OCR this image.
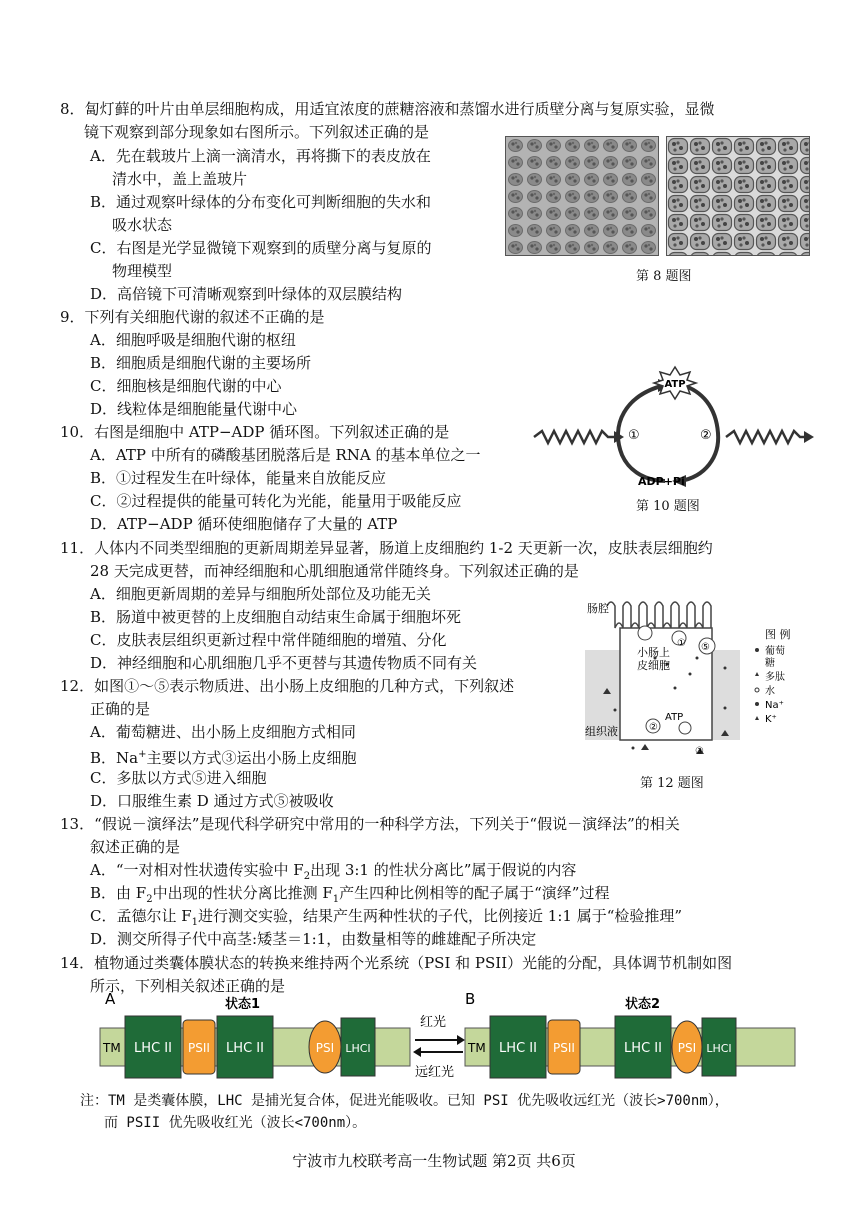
8．匐灯藓的叶片由单层细胞构成，用适宜浓度的蔗糖溶液和蒸馏水进行质壁分离与复原实验，显微
镜下观察到部分现象如右图所示。下列叙述正确的是
A．先在载玻片上滴一滴清水，再将撕下的表皮放在
清水中，盖上盖玻片
B．通过观察叶绿体的分布变化可判断细胞的失水和
吸水状态
C．右图是光学显微镜下观察到的质壁分离与复原的
物理模型
D．高倍镜下可清晰观察到叶绿体的双层膜结构
第 8 题图
9．下列有关细胞代谢的叙述不正确的是
A．细胞呼吸是细胞代谢的枢纽
B．细胞质是细胞代谢的主要场所
C．细胞核是细胞代谢的中心
D．线粒体是细胞能量代谢中心
ATP
①	②
ADP+Pi
第 10 题图
10．右图是细胞中 ATP−ADP 循环图。下列叙述正确的是
A．ATP 中所有的磷酸基团脱落后是 RNA 的基本单位之一
B．①过程发生在叶绿体，能量来自放能反应
C．②过程提供的能量可转化为光能，能量用于吸能反应
D．ATP−ADP 循环使细胞储存了大量的 ATP
11．人体内不同类型细胞的更新周期差异显著，肠道上皮细胞约 1-2 天更新一次，皮肤表层细胞约
28 天完成更替，而神经细胞和心肌细胞通常伴随终身。下列叙述正确的是
A．细胞更新周期的差异与细胞所处部位及功能无关
B．肠道中被更替的上皮细胞自动结束生命属于细胞坏死
C．皮肤表层组织更新过程中常伴随细胞的增殖、分化
D．神经细胞和心肌细胞几乎不更替与其遗传物质不同有关
肠腔
小肠上
皮细胞
组织液
ATP
① ⑤
②
③
图 例
葡萄
糖
多肽
水
Na⁺
K⁺
第 12 题图
12．如图①～⑤表示物质进、出小肠上皮细胞的几种方式，下列叙述
正确的是
A．葡萄糖进、出小肠上皮细胞方式相同
B．Na+主要以方式③运出小肠上皮细胞
C．多肽以方式⑤进入细胞
D．口服维生素 D 通过方式⑤被吸收
13．“假说－演绎法”是现代科学研究中常用的一种科学方法，下列关于“假说－演绎法”的相关
叙述正确的是
A．“一对相对性状遗传实验中 $F_2$出现 3:1 的性状分离比”属于假说的内容
B．由 $F_2$中出现的性状分离比推测 $F_1$产生四种比例相等的配子属于“演绎”过程
C．孟德尔让 $F_1$进行测交实验，结果产生两种性状的子代，比例接近 1:1 属于“检验推理”
D．测交所得子代中高茎:矮茎＝1:1，由数量相等的雌雄配子所决定
14．植物通过类囊体膜状态的转换来维持两个光系统（PSI 和 PSII）光能的分配，具体调节机制如图
所示，下列相关叙述正确的是
A	状态1	B	状态2
TM LHC II PSII LHC II	PSI LHCI
红光
远红光
TM LHC II PSII	LHC II PSI LHCI
注：TM 是类囊体膜，LHC 是捕光复合体，促进光能吸收。已知 PSI 优先吸收远红光（波长>700nm），
而 PSII 优先吸收红光（波长<700nm）。
宁波市九校联考高一生物试题 第2页 共6页
